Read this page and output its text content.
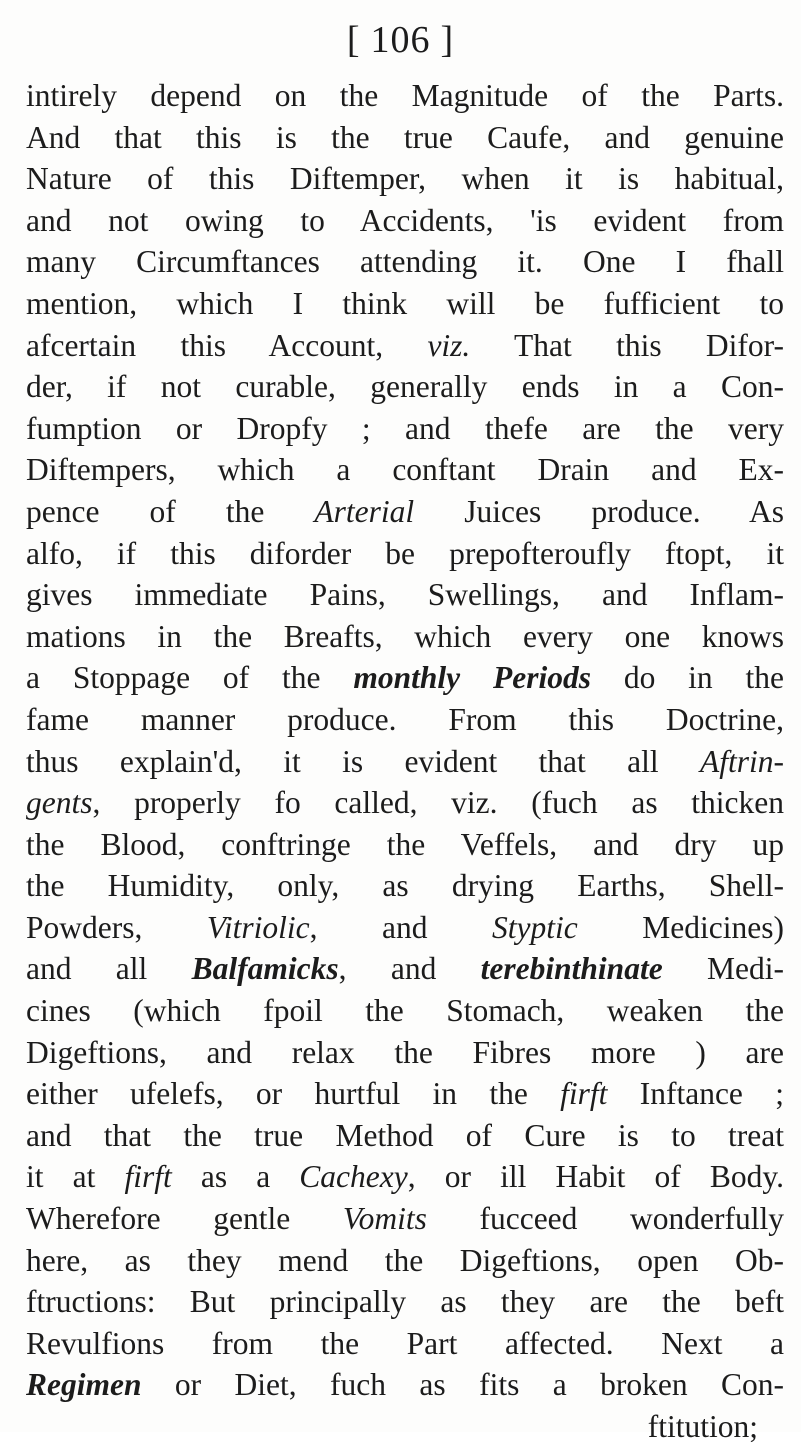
[ 106 ]
intirely depend on the Magnitude of the Parts.
And that this is the true Caufe, and genuine
Nature of this Diftemper, when it is habitual,
and not owing to Accidents, 'is evident from
many Circumftances attending it. One I fhall
mention, which I think will be fufficient to
afcertain this Account, viz. That this Difor-
der, if not curable, generally ends in a Con-
fumption or Dropfy ; and thefe are the very
Diftempers, which a conftant Drain and Ex-
pence of the Arterial Juices produce. As
alfo, if this diforder be prepofteroufly ftopt, it
gives immediate Pains, Swellings, and Inflam-
mations in the Breafts, which every one knows
a Stoppage of the monthly Periods do in the
fame manner produce. From this Doctrine,
thus explain'd, it is evident that all Aftrin-
gents, properly fo called, viz. (fuch as thicken
the Blood, conftringe the Veffels, and dry up
the Humidity, only, as drying Earths, Shell-
Powders, Vitriolic, and Styptic Medicines)
and all Balfamicks, and terebinthinate Medi-
cines (which fpoil the Stomach, weaken the
Digeftions, and relax the Fibres more ) are
either ufelefs, or hurtful in the firft Inftance ;
and that the true Method of Cure is to treat
it at firft as a Cachexy, or ill Habit of Body.
Wherefore gentle Vomits fucceed wonderfully
here, as they mend the Digeftions, open Ob-
ftructions: But principally as they are the beft
Revulfions from the Part affected. Next a
Regimen or Diet, fuch as fits a broken Con-
ftitution;
